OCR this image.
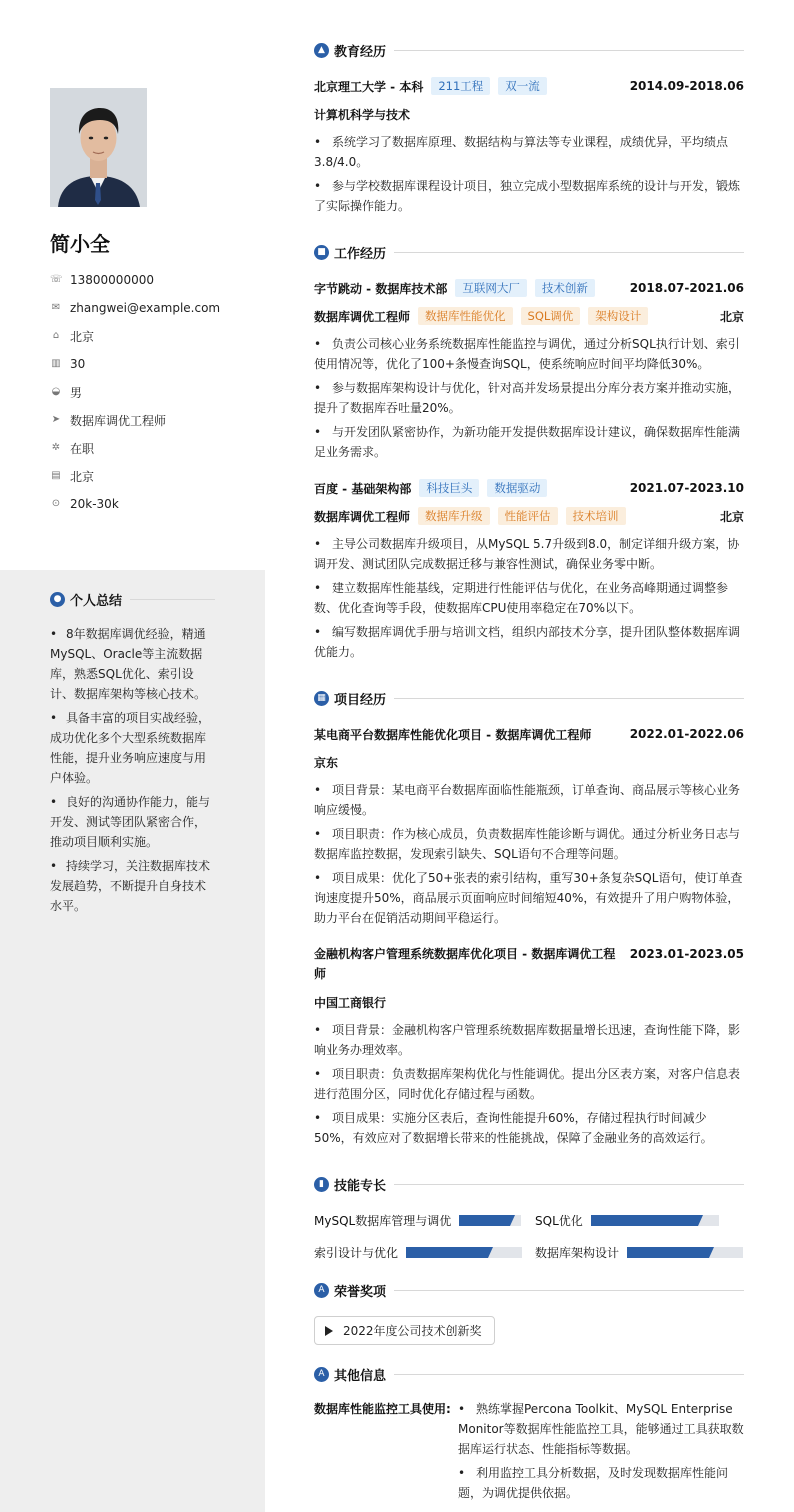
简小全
☏ 13800000000
✉ zhangwei@example.com
⌂ 北京
▥ 30
◒ 男
➤ 数据库调优工程师
✲ 在职
▤ 北京
⊙ 20k-30k
● 个人总结
• 8年数据库调优经验，精通MySQL、Oracle等主流数据库，熟悉SQL优化、索引设计、数据库架构等核心技术。
• 具备丰富的项目实战经验，成功优化多个大型系统数据库性能，提升业务响应速度与用户体验。
• 良好的沟通协作能力，能与开发、测试等团队紧密合作，推动项目顺利实施。
• 持续学习，关注数据库技术发展趋势，不断提升自身技术水平。
▲ 教育经历
北京理工大学 - 本科	211工程	双一流	2014.09-2018.06
计算机科学与技术
• 系统学习了数据库原理、数据结构与算法等专业课程，成绩优异，平均绩点3.8/4.0。
• 参与学校数据库课程设计项目，独立完成小型数据库系统的设计与开发，锻炼了实际操作能力。
■ 工作经历
字节跳动 - 数据库技术部	互联网大厂	技术创新	2018.07-2021.06
数据库调优工程师	数据库性能优化	SQL调优	架构设计	北京
• 负责公司核心业务系统数据库性能监控与调优，通过分析SQL执行计划、索引使用情况等，优化了100+条慢查询SQL，使系统响应时间平均降低30%。
• 参与数据库架构设计与优化，针对高并发场景提出分库分表方案并推动实施，提升了数据库吞吐量20%。
• 与开发团队紧密协作，为新功能开发提供数据库设计建议，确保数据库性能满足业务需求。
百度 - 基础架构部	科技巨头	数据驱动	2021.07-2023.10
数据库调优工程师	数据库升级	性能评估	技术培训	北京
• 主导公司数据库升级项目，从MySQL 5.7升级到8.0，制定详细升级方案，协调开发、测试团队完成数据迁移与兼容性测试，确保业务零中断。
• 建立数据库性能基线，定期进行性能评估与优化，在业务高峰期通过调整参数、优化查询等手段，使数据库CPU使用率稳定在70%以下。
• 编写数据库调优手册与培训文档，组织内部技术分享，提升团队整体数据库调优能力。
▦ 项目经历
某电商平台数据库性能优化项目 - 数据库调优工程师	2022.01-2022.06
京东
• 项目背景：某电商平台数据库面临性能瓶颈，订单查询、商品展示等核心业务响应缓慢。
• 项目职责：作为核心成员，负责数据库性能诊断与调优。通过分析业务日志与数据库监控数据，发现索引缺失、SQL语句不合理等问题。
• 项目成果：优化了50+张表的索引结构，重写30+条复杂SQL语句，使订单查询速度提升50%，商品展示页面响应时间缩短40%，有效提升了用户购物体验，助力平台在促销活动期间平稳运行。
金融机构客户管理系统数据库优化项目 - 数据库调优工程师
2023.01-2023.05
中国工商银行
• 项目背景：金融机构客户管理系统数据库数据量增长迅速，查询性能下降，影响业务办理效率。
• 项目职责：负责数据库架构优化与性能调优。提出分区表方案，对客户信息表进行范围分区，同时优化存储过程与函数。
• 项目成果：实施分区表后，查询性能提升60%，存储过程执行时间减少50%，有效应对了数据增长带来的性能挑战，保障了金融业务的高效运行。
▮ 技能专长
MySQL数据库管理与调优	SQL优化
索引设计与优化	数据库架构设计
A 荣誉奖项
A 其他信息
2022年度公司技术创新奖
数据库性能监控工具使用: • 熟练掌握Percona Toolkit、MySQL Enterprise Monitor等数据库性能监控工具，能够通过工具获取数据库运行状态、性能指标等数据。
• 利用监控工具分析数据，及时发现数据库性能问题，为调优提供依据。
